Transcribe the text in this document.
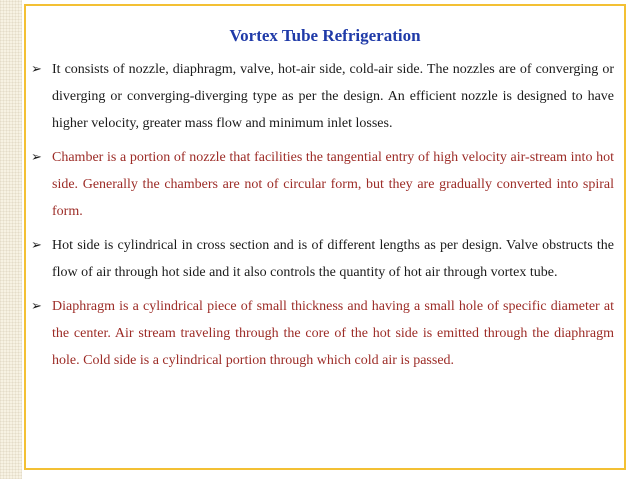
Vortex Tube Refrigeration
➢ It consists of nozzle, diaphragm, valve, hot-air side, cold-air side. The nozzles are of converging or diverging or converging-diverging type as per the design. An efficient nozzle is designed to have higher velocity, greater mass flow and minimum inlet losses.
➢ Chamber is a portion of nozzle that facilities the tangential entry of high velocity air-stream into hot side. Generally the chambers are not of circular form, but they are gradually converted into spiral form.
➢ Hot side is cylindrical in cross section and is of different lengths as per design. Valve obstructs the flow of air through hot side and it also controls the quantity of hot air through vortex tube.
➢ Diaphragm is a cylindrical piece of small thickness and having a small hole of specific diameter at the center. Air stream traveling through the core of the hot side is emitted through the diaphragm hole. Cold side is a cylindrical portion through which cold air is passed.
